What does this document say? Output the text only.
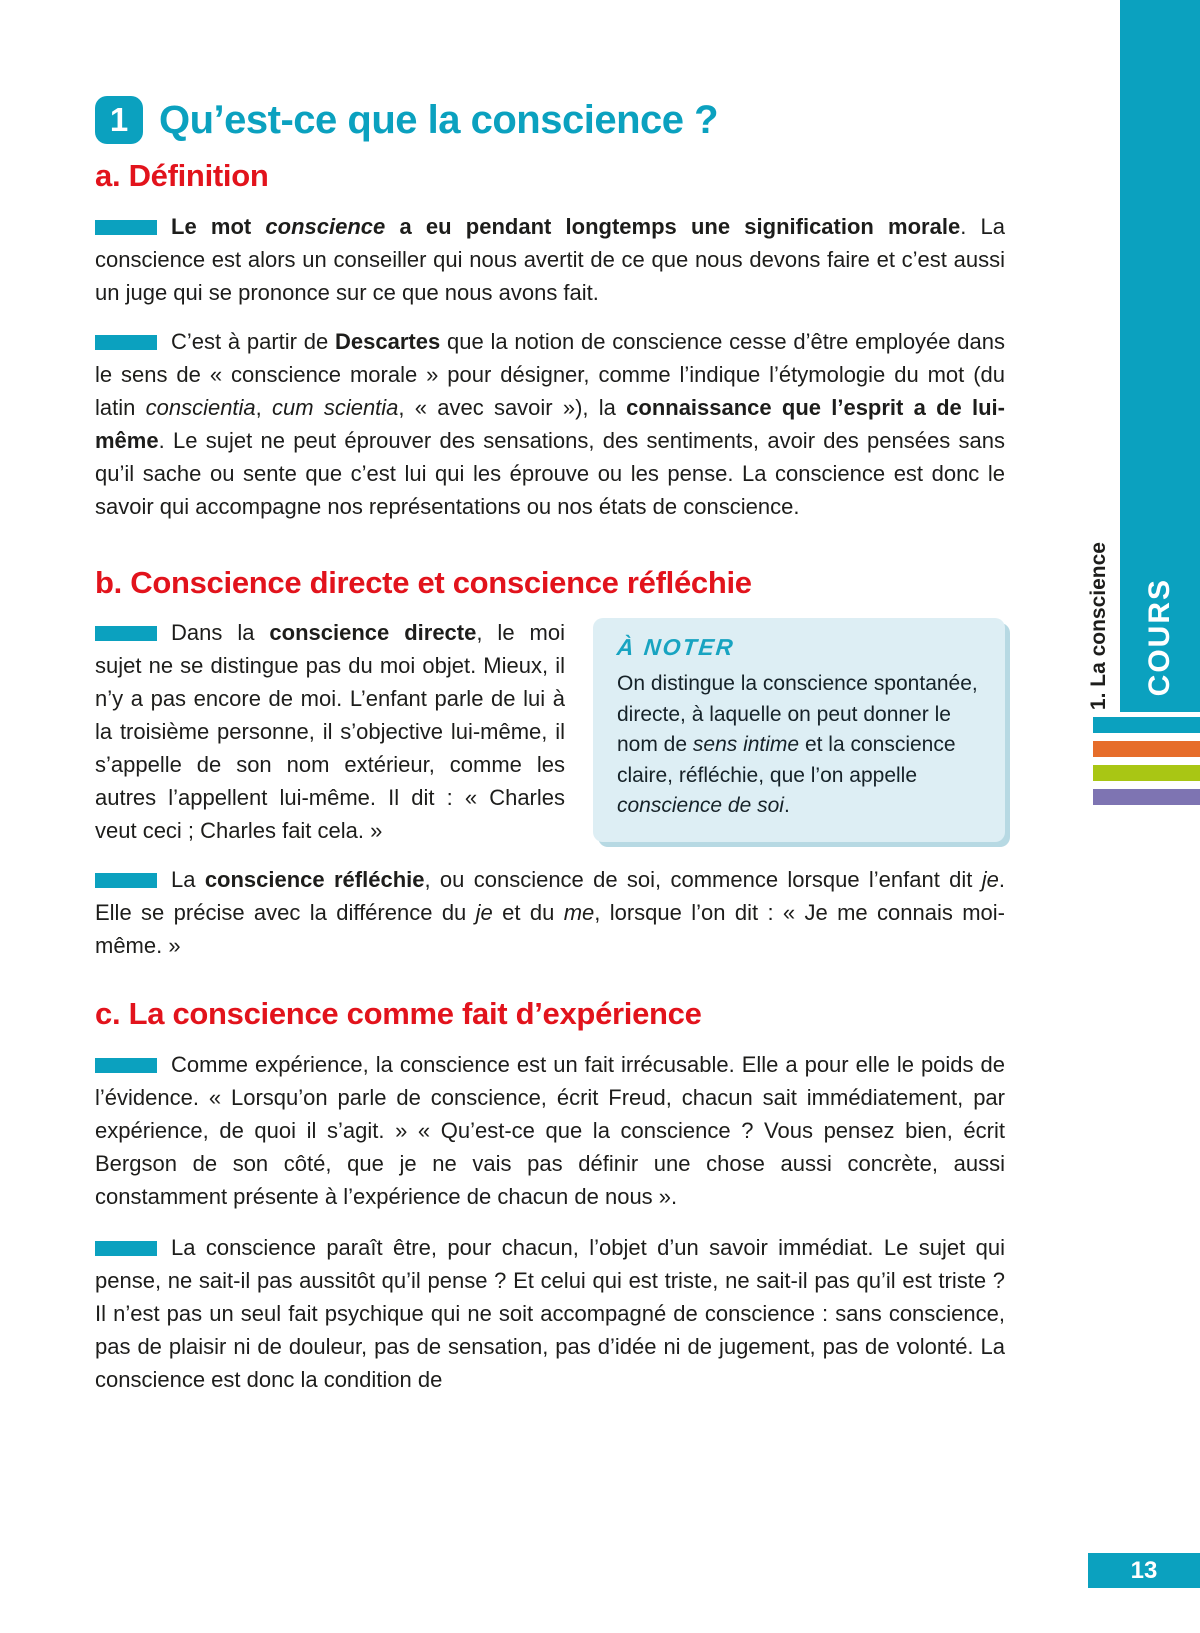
COURS
1. La conscience
13
1 Qu’est-ce que la conscience ?
a. Définition

Le mot conscience a eu pendant longtemps une signification morale. La conscience est alors un conseiller qui nous avertit de ce que nous devons faire et c’est aussi un juge qui se prononce sur ce que nous avons fait.

C’est à partir de Descartes que la notion de conscience cesse d’être employée dans le sens de « conscience morale » pour désigner, comme l’indique l’étymologie du mot (du latin conscientia, cum scientia, « avec savoir »), la connaissance que l’esprit a de lui-même. Le sujet ne peut éprouver des sensations, des sentiments, avoir des pensées sans qu’il sache ou sente que c’est lui qui les éprouve ou les pense. La conscience est donc le savoir qui accompagne nos représentations ou nos états de conscience.

b. Conscience directe et conscience réfléchie

Dans la conscience directe, le moi sujet ne se distingue pas du moi objet. Mieux, il n’y a pas encore de moi. L’enfant parle de lui à la troisième personne, il s’objective lui-même, il s’appelle de son nom extérieur, comme les autres l’appellent lui-même. Il dit : « Charles veut ceci ; Charles fait cela. »

À NOTER

On distingue la conscience spontanée, directe, à laquelle on peut donner le nom de sens intime et la conscience claire, réfléchie, que l’on appelle conscience de soi.

La conscience réfléchie, ou conscience de soi, commence lorsque l’enfant dit je. Elle se précise avec la différence du je et du me, lorsque l’on dit : « Je me connais moi-même. »

c. La conscience comme fait d’expérience

Comme expérience, la conscience est un fait irrécusable. Elle a pour elle le poids de l’évidence. « Lorsqu’on parle de conscience, écrit Freud, chacun sait immédiatement, par expérience, de quoi il s’agit. » « Qu’est-ce que la conscience ? Vous pensez bien, écrit Bergson de son côté, que je ne vais pas définir une chose aussi concrète, aussi constamment présente à l’expérience de chacun de nous ».

La conscience paraît être, pour chacun, l’objet d’un savoir immédiat. Le sujet qui pense, ne sait-il pas aussitôt qu’il pense ? Et celui qui est triste, ne sait-il pas qu’il est triste ? Il n’est pas un seul fait psychique qui ne soit accompagné de conscience : sans conscience, pas de plaisir ni de douleur, pas de sensation, pas d’idée ni de jugement, pas de volonté. La conscience est donc la condition de
